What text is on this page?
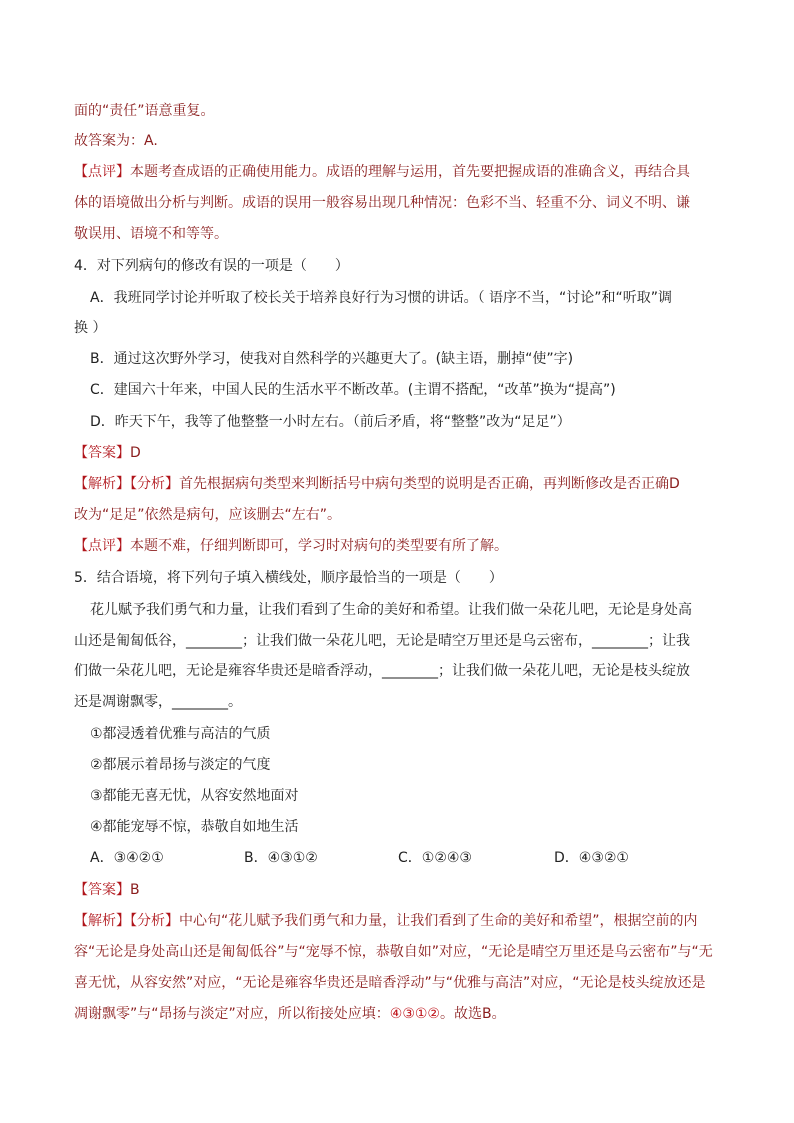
面的“责任”语意重复。
故答案为：A.
【点评】本题考查成语的正确使用能力。成语的理解与运用，首先要把握成语的准确含义，再结合具
体的语境做出分析与判断。成语的误用一般容易出现几种情况：色彩不当、轻重不分、词义不明、谦
敬误用、语境不和等等。
4．对下列病句的修改有误的一项是（　　）
A．我班同学讨论并听取了校长关于培养良好行为习惯的讲话。（ 语序不当，“讨论”和“听取”调
换 ）
B．通过这次野外学习，使我对自然科学的兴趣更大了。(缺主语，删掉“使”字)
C．建国六十年来，中国人民的生活水平不断改革。(主谓不搭配，“改革”换为“提高”)
D．昨天下午，我等了他整整一小时左右。（前后矛盾，将“整整”改为“足足”）
【答案】D
【解析】【分析】首先根据病句类型来判断括号中病句类型的说明是否正确，再判断修改是否正确D
改为“足足”依然是病句，应该删去“左右”。
【点评】本题不难，仔细判断即可，学习时对病句的类型要有所了解。
5．结合语境，将下列句子填入横线处，顺序最恰当的一项是（　　）
花儿赋予我们勇气和力量，让我们看到了生命的美好和希望。让我们做一朵花儿吧，无论是身处高
山还是匍匐低谷，________；让我们做一朵花儿吧，无论是晴空万里还是乌云密布，________；让我
们做一朵花儿吧，无论是雍容华贵还是暗香浮动，________；让我们做一朵花儿吧，无论是枝头绽放
还是凋谢飘零，________。
①都浸透着优雅与高洁的气质
②都展示着昂扬与淡定的气度
③都能无喜无忧，从容安然地面对
④都能宠辱不惊，恭敬自如地生活
A．③④②①	B．④③①②	C．①②④③	D．④③②①
【答案】B
【解析】【分析】中心句“花儿赋予我们勇气和力量，让我们看到了生命的美好和希望”，根据空前的内
容“无论是身处高山还是匍匐低谷”与“宠辱不惊，恭敬自如”对应，“无论是晴空万里还是乌云密布”与“无
喜无忧，从容安然”对应，“无论是雍容华贵还是暗香浮动”与“优雅与高洁”对应，“无论是枝头绽放还是
凋谢飘零”与“昂扬与淡定”对应，所以衔接处应填：④③①②。故选B。
